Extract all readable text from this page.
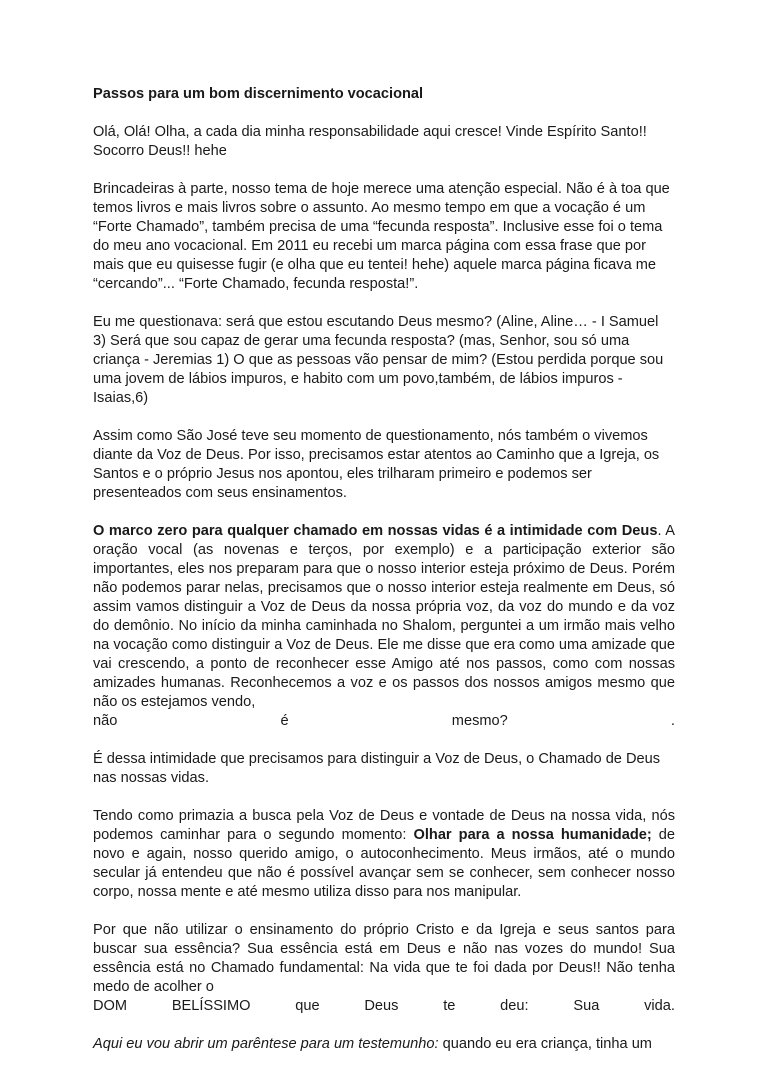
Passos para um bom discernimento vocacional

Olá, Olá! Olha, a cada dia minha responsabilidade aqui cresce! Vinde Espírito Santo!! Socorro Deus!! hehe

Brincadeiras à parte, nosso tema de hoje merece uma atenção especial. Não é à toa que temos livros e mais livros sobre o assunto. Ao mesmo tempo em que a vocação é um “Forte Chamado”, também precisa de uma “fecunda resposta”. Inclusive esse foi o tema do meu ano vocacional. Em 2011 eu recebi um marca página com essa frase que por mais que eu quisesse fugir (e olha que eu tentei! hehe) aquele marca página ficava me “cercando”... “Forte Chamado, fecunda resposta!”.

Eu me questionava: será que estou escutando Deus mesmo? (Aline, Aline… - I Samuel 3) Será que sou capaz de gerar uma fecunda resposta? (mas, Senhor, sou só uma criança - Jeremias 1) O que as pessoas vão pensar de mim? (Estou perdida porque sou uma jovem de lábios impuros, e habito com um povo,também, de lábios impuros - Isaias,6)

Assim como São José teve seu momento de questionamento, nós também o vivemos diante da Voz de Deus. Por isso, precisamos estar atentos ao Caminho que a Igreja, os Santos e o próprio Jesus nos apontou, eles trilharam primeiro e podemos ser presenteados com seus ensinamentos.

O marco zero para qualquer chamado em nossas vidas é a intimidade com Deus. A oração vocal (as novenas e terços, por exemplo) e a participação exterior são importantes, eles nos preparam para que o nosso interior esteja próximo de Deus. Porém não podemos parar nelas, precisamos que o nosso interior esteja realmente em Deus, só assim vamos distinguir a Voz de Deus da nossa própria voz, da voz do mundo e da voz do demônio. No início da minha caminhada no Shalom, perguntei a um irmão mais velho na vocação como distinguir a Voz de Deus. Ele me disse que era como uma amizade que vai crescendo, a ponto de reconhecer esse Amigo até nos passos, como com nossas amizades humanas. Reconhecemos a voz e os passos dos nossos amigos mesmo que não os estejamos vendo,
não	é	mesmo?	.

É dessa intimidade que precisamos para distinguir a Voz de Deus, o Chamado de Deus nas nossas vidas.

Tendo como primazia a busca pela Voz de Deus e vontade de Deus na nossa vida, nós podemos caminhar para o segundo momento: Olhar para a nossa humanidade; de novo e again, nosso querido amigo, o autoconhecimento. Meus irmãos, até o mundo secular já entendeu que não é possível avançar sem se conhecer, sem conhecer nosso corpo, nossa mente e até mesmo utiliza disso para nos manipular.

Por que não utilizar o ensinamento do próprio Cristo e da Igreja e seus santos para buscar sua essência? Sua essência está em Deus e não nas vozes do mundo! Sua essência está no Chamado fundamental: Na vida que te foi dada por Deus!! Não tenha medo de acolher o
DOM	BELÍSSIMO	que	Deus	te	deu:	Sua	vida.

Aqui eu vou abrir um parêntese para um testemunho: quando eu era criança, tinha um
